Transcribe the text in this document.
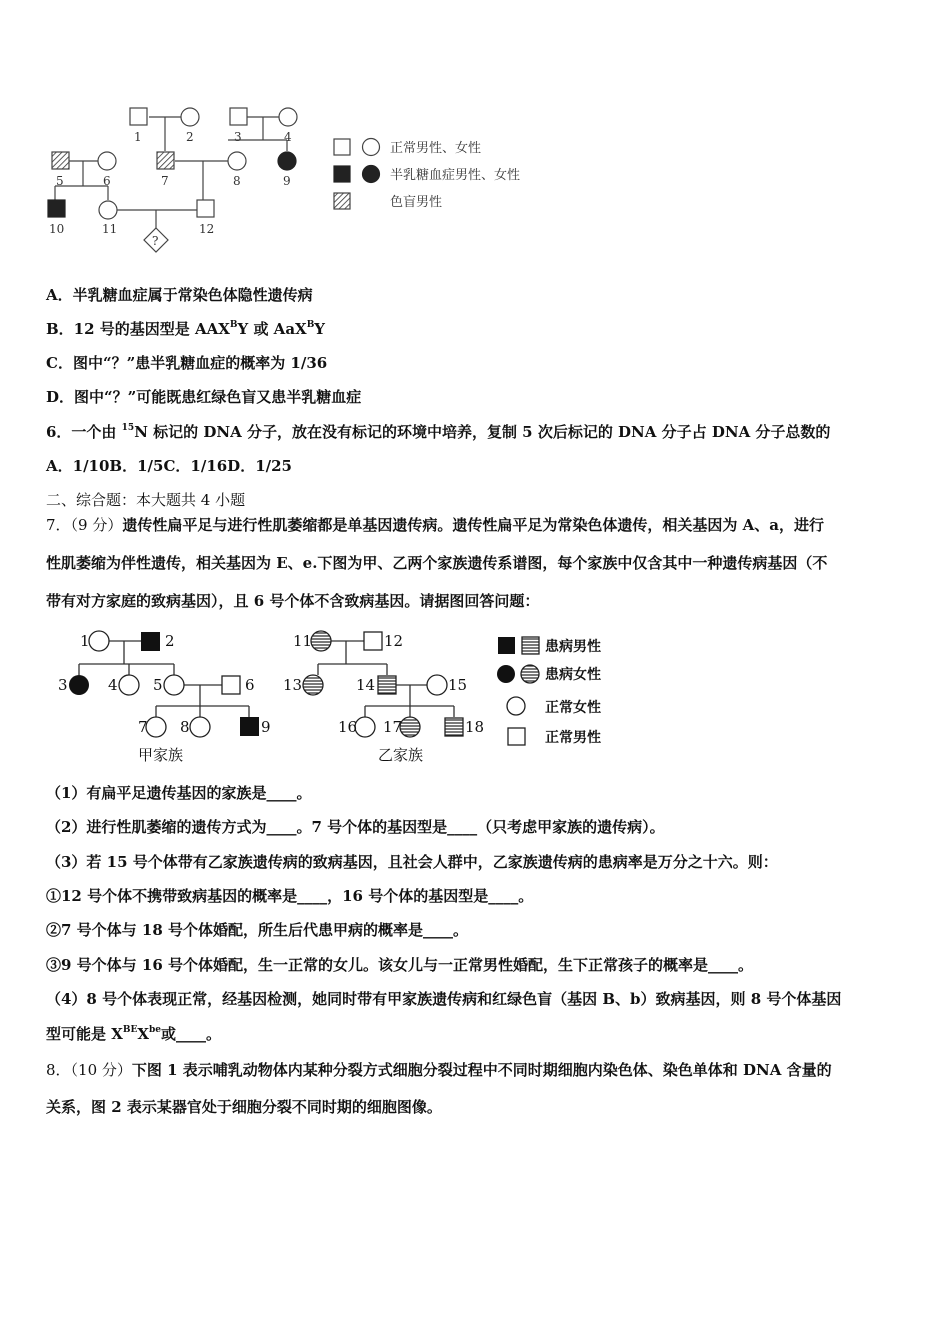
?
1	2	3	4
5	6	7	8	9
10	11	12
正常男性、女性
半乳糖血症男性、女性
色盲男性
A．半乳糖血症属于常染色体隐性遗传病
B．12 号的基因型是 $AAX^BY$ 或 AaX$^B$Y
C．图中“？”患半乳糖血症的概率为 1/36
D．图中“？”可能既患红绿色盲又患半乳糖血症
6．一个由 $^{15}$N 标记的 DNA 分子，放在没有标记的环境中培养，复制 5 次后标记的 DNA 分子占 DNA 分子总数的
A．1/10B．1/5C．1/16D．1/25
二、综合题：本大题共 4 小题
7．（9 分）遗传性扁平足与进行性肌萎缩都是单基因遗传病。遗传性扁平足为常染色体遗传，相关基因为 A、a，进行
性肌萎缩为伴性遗传，相关基因为 E、e.下图为甲、乙两个家族遗传系谱图，每个家族中仅含其中一种遗传病基因（不
带有对方家庭的致病基因），且 6 号个体不含致病基因。请据图回答问题：
1	2
3	4 5	6
7 8	9
甲家族
11	12
13	14	15
16 17	18
乙家族
患病男性
患病女性
正常女性
正常男性
（1）有扁平足遗传基因的家族是____。
（2）进行性肌萎缩的遗传方式为____。7 号个体的基因型是____（只考虑甲家族的遗传病）。
（3）若 15 号个体带有乙家族遗传病的致病基因，且社会人群中，乙家族遗传病的患病率是万分之十六。则：
①12 号个体不携带致病基因的概率是____，16 号个体的基因型是____。
②7 号个体与 18 号个体婚配，所生后代患甲病的概率是____。
③9 号个体与 16 号个体婚配，生一正常的女儿。该女儿与一正常男性婚配，生下正常孩子的概率是____。
（4）8 号个体表现正常，经基因检测，她同时带有甲家族遗传病和红绿色盲（基因 B、b）致病基因，则 8 号个体基因
型可能是 $X^{BE}X^{be}$或____。
8．（10 分）下图 1 表示哺乳动物体内某种分裂方式细胞分裂过程中不同时期细胞内染色体、染色单体和 DNA 含量的
关系，图 2 表示某器官处于细胞分裂不同时期的细胞图像。
